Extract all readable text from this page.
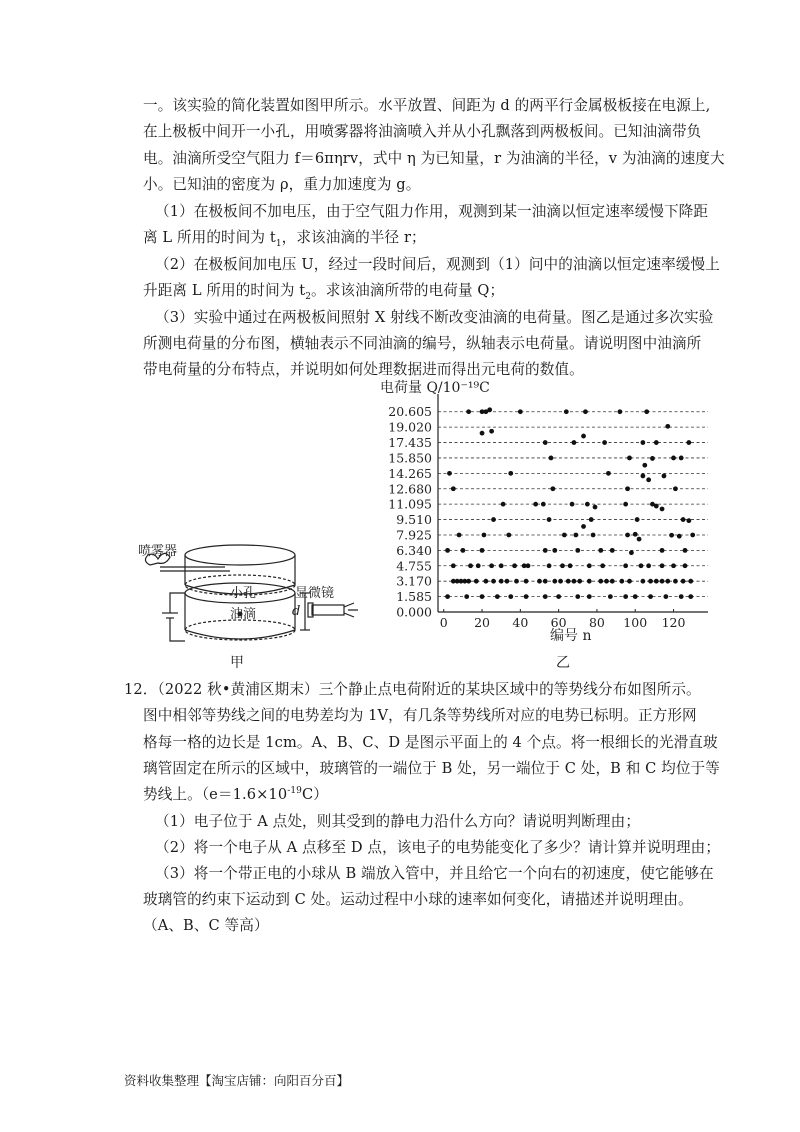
一。该实验的简化装置如图甲所示。水平放置、间距为 d 的两平行金属极板接在电源上,
在上极板中间开一小孔，用喷雾器将油滴喷入并从小孔飘落到两极板间。已知油滴带负
电。油滴所受空气阻力 f＝6πηrv，式中 η 为已知量，r 为油滴的半径，v 为油滴的速度大
小。已知油的密度为 ρ，重力加速度为 g。
（1）在极板间不加电压，由于空气阻力作用，观测到某一油滴以恒定速率缓慢下降距
离 L 所用的时间为 $t_1$，求该油滴的半径 r；
（2）在极板间加电压 U，经过一段时间后，观测到（1）问中的油滴以恒定速率缓慢上
升距离 L 所用的时间为 $t_2$。求该油滴所带的电荷量 Q；
（3）实验中通过在两极板间照射 X 射线不断改变油滴的电荷量。图乙是通过多次实验
所测电荷量的分布图，横轴表示不同油滴的编号，纵轴表示电荷量。请说明图中油滴所
带电荷量的分布特点，并说明如何处理数据进而得出元电荷的数值。
喷雾器
小孔
油滴	d
显微镜
甲
电荷量 Q/10⁻¹⁹C
20.605
19.020
17.435
15.850
14.265
12.680
11.095
9.510
7.925
6.340
4.755
3.170
1.585
0.000
0 20 40 60 80 100 120
编号 n
乙
12．（2022 秋•黄浦区期末）三个静止点电荷附近的某块区域中的等势线分布如图所示。
图中相邻等势线之间的电势差均为 1V，有几条等势线所对应的电势已标明。正方形网
格每一格的边长是 1cm。A、B、C、D 是图示平面上的 4 个点。将一根细长的光滑直玻
璃管固定在所示的区域中，玻璃管的一端位于 B 处，另一端位于 C 处，B 和 C 均位于等
势线上。$(e=1.6\times 10^{-19}C)$
（1）电子位于 A 点处，则其受到的静电力沿什么方向？请说明判断理由；
（2）将一个电子从 A 点移至 D 点，该电子的电势能变化了多少？请计算并说明理由；
（3）将一个带正电的小球从 B 端放入管中，并且给它一个向右的初速度，使它能够在
玻璃管的约束下运动到 C 处。运动过程中小球的速率如何变化，请描述并说明理由。
（A、B、C 等高）
资料收集整理【淘宝店铺：向阳百分百】
